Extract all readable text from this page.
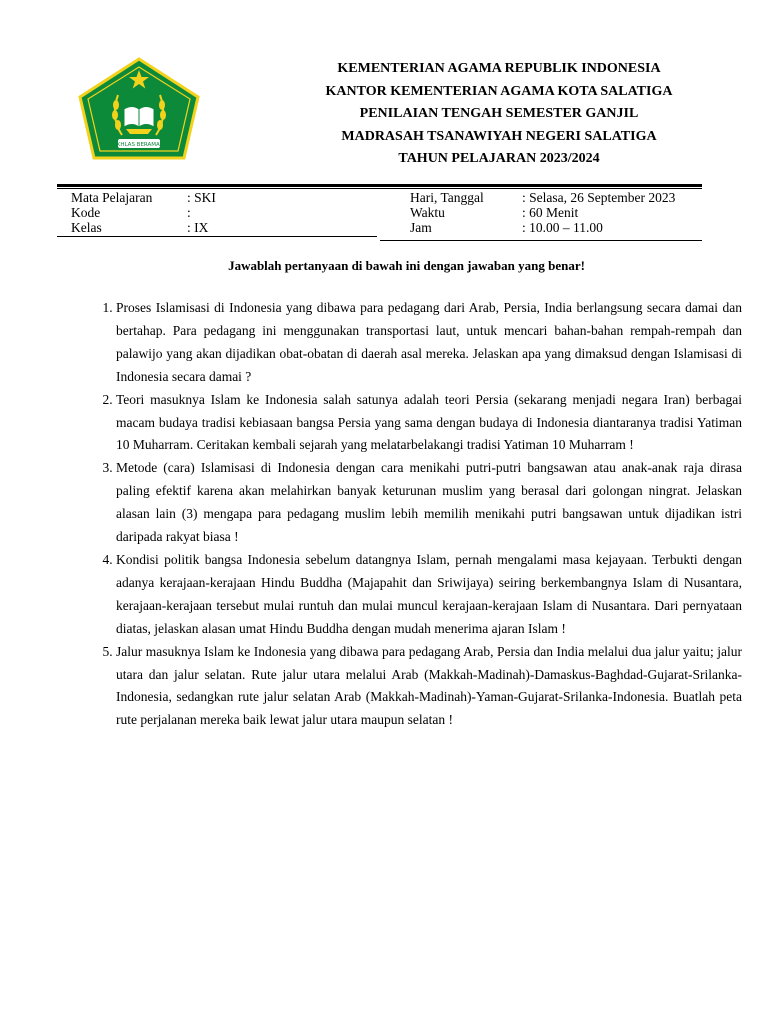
IKHLAS BERAMAL
KEMENTERIAN AGAMA REPUBLIK INDONESIA
KANTOR KEMENTERIAN AGAMA KOTA SALATIGA
PENILAIAN TENGAH SEMESTER GANJIL
MADRASAH TSANAWIYAH NEGERI SALATIGA
TAHUN PELAJARAN 2023/2024
Mata Pelajaran	: SKI
Kode	:
Kelas	: IX
Hari, Tanggal	: Selasa, 26 September 2023
Waktu	: 60 Menit
Jam	: 10.00 – 11.00
Jawablah pertanyaan di bawah ini dengan jawaban yang benar!
1. Proses Islamisasi di Indonesia yang dibawa para pedagang dari Arab, Persia, India berlangsung secara damai dan bertahap. Para pedagang ini menggunakan transportasi laut, untuk mencari bahan-bahan rempah-rempah dan palawijo yang akan dijadikan obat-obatan di daerah asal mereka. Jelaskan apa yang dimaksud dengan Islamisasi di Indonesia secara damai ?
2. Teori masuknya Islam ke Indonesia salah satunya adalah teori Persia (sekarang menjadi negara Iran) berbagai macam budaya tradisi kebiasaan bangsa Persia yang sama dengan budaya di Indonesia diantaranya tradisi Yatiman 10 Muharram. Ceritakan kembali sejarah yang melatarbelakangi tradisi Yatiman 10 Muharram !
3. Metode (cara) Islamisasi di Indonesia dengan cara menikahi putri-putri bangsawan atau anak-anak raja dirasa paling efektif karena akan melahirkan banyak keturunan muslim yang berasal dari golongan ningrat. Jelaskan alasan lain (3) mengapa para pedagang muslim lebih memilih menikahi putri bangsawan untuk dijadikan istri daripada rakyat biasa !
4. Kondisi politik bangsa Indonesia sebelum datangnya Islam, pernah mengalami masa kejayaan. Terbukti dengan adanya kerajaan-kerajaan Hindu Buddha (Majapahit dan Sriwijaya) seiring berkembangnya Islam di Nusantara, kerajaan-kerajaan tersebut mulai runtuh dan mulai muncul kerajaan-kerajaan Islam di Nusantara. Dari pernyataan diatas, jelaskan alasan umat Hindu Buddha dengan mudah menerima ajaran Islam !
5. Jalur masuknya Islam ke Indonesia yang dibawa para pedagang Arab, Persia dan India melalui dua jalur yaitu; jalur utara dan jalur selatan. Rute jalur utara melalui Arab (Makkah-Madinah)-Damaskus-Baghdad-Gujarat-Srilanka-Indonesia, sedangkan rute jalur selatan Arab (Makkah-Madinah)-Yaman-Gujarat-Srilanka-Indonesia. Buatlah peta rute perjalanan mereka baik lewat jalur utara maupun selatan !
